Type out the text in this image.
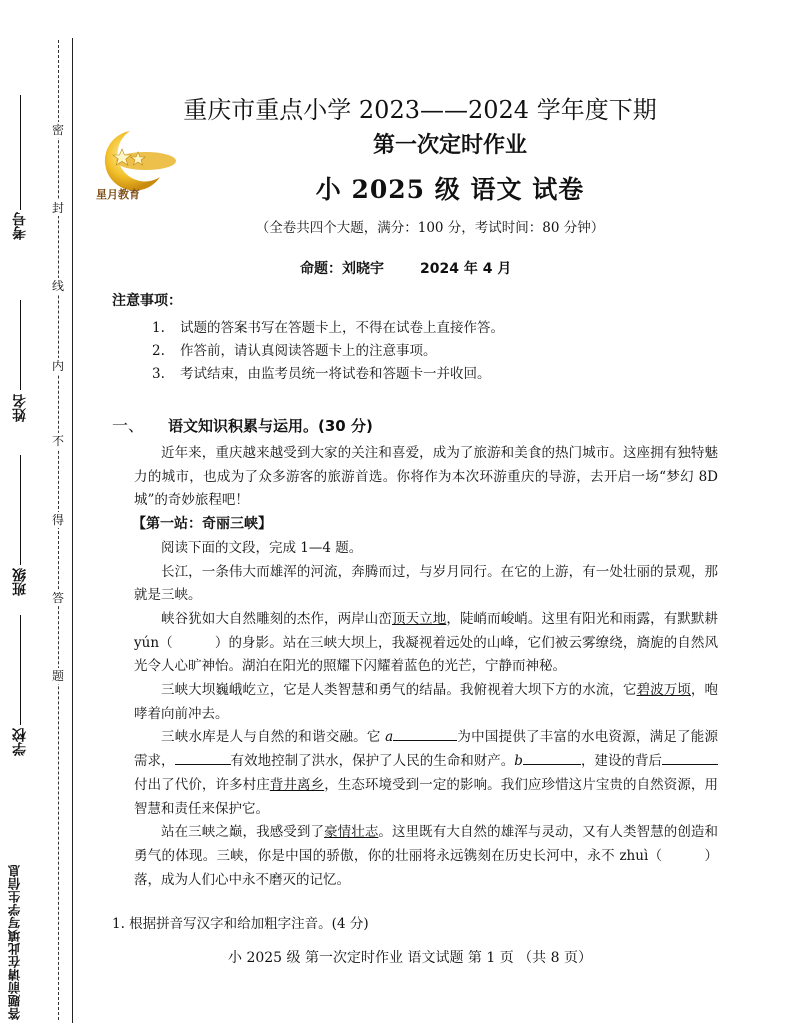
密
封
线
内
不
得
答
题
考号
姓名
班级
学校
答题前请在此填写学生信息
星月教育
重庆市重点小学 2023——2024 学年度下期
第一次定时作业
小 2025 级 语文 试卷
（全卷共四个大题，满分：100 分，考试时间：80 分钟）
命题：刘晓宇	2024 年 4 月
注意事项：
1. 试题的答案书写在答题卡上，不得在试卷上直接作答。
2. 作答前，请认真阅读答题卡上的注意事项。
3. 考试结束，由监考员统一将试卷和答题卡一并收回。
一、 语文知识积累与运用。(30 分)

近年来，重庆越来越受到大家的关注和喜爱，成为了旅游和美食的热门城市。这座拥有独特魅力的城市，也成为了众多游客的旅游首选。你将作为本次环游重庆的导游，去开启一场“梦幻 8D 城”的奇妙旅程吧！

【第一站：奇丽三峡】

阅读下面的文段，完成 1—4 题。

长江，一条伟大而雄浑的河流，奔腾而过，与岁月同行。在它的上游，有一处壮丽的景观，那就是三峡。

峡谷犹如大自然雕刻的杰作，两岸山峦顶天立地，陡峭而峻峭。这里有阳光和雨露，有默默耕 yún（	）的身影。站在三峡大坝上，我凝视着远处的山峰，它们被云雾缭绕，旖旎的自然风光令人心旷神怡。湖泊在阳光的照耀下闪耀着蓝色的光芒，宁静而神秘。

三峡大坝巍峨屹立，它是人类智慧和勇气的结晶。我俯视着大坝下方的水流，它碧波万顷，咆哮着向前冲去。

三峡水库是人与自然的和谐交融。它 a	为中国提供了丰富的水电资源，满足了能源需求，	有效地控制了洪水，保护了人民的生命和财产。b	，建设的背后付出了代价，许多村庄背井离乡，生态环境受到一定的影响。我们应珍惜这片宝贵的自然资源，用智慧和责任来保护它。

站在三峡之巅，我感受到了豪情壮志。这里既有大自然的雄浑与灵动，又有人类智慧的创造和勇气的体现。三峡，你是中国的骄傲，你的壮丽将永远镌刻在历史长河中，永不 zhuì（	）落，成为人们心中永不磨灭的记忆。

1. 根据拼音写汉字和给加粗字注音。(4 分)
小 2025 级 第一次定时作业 语文试题 第 1 页 （共 8 页）
